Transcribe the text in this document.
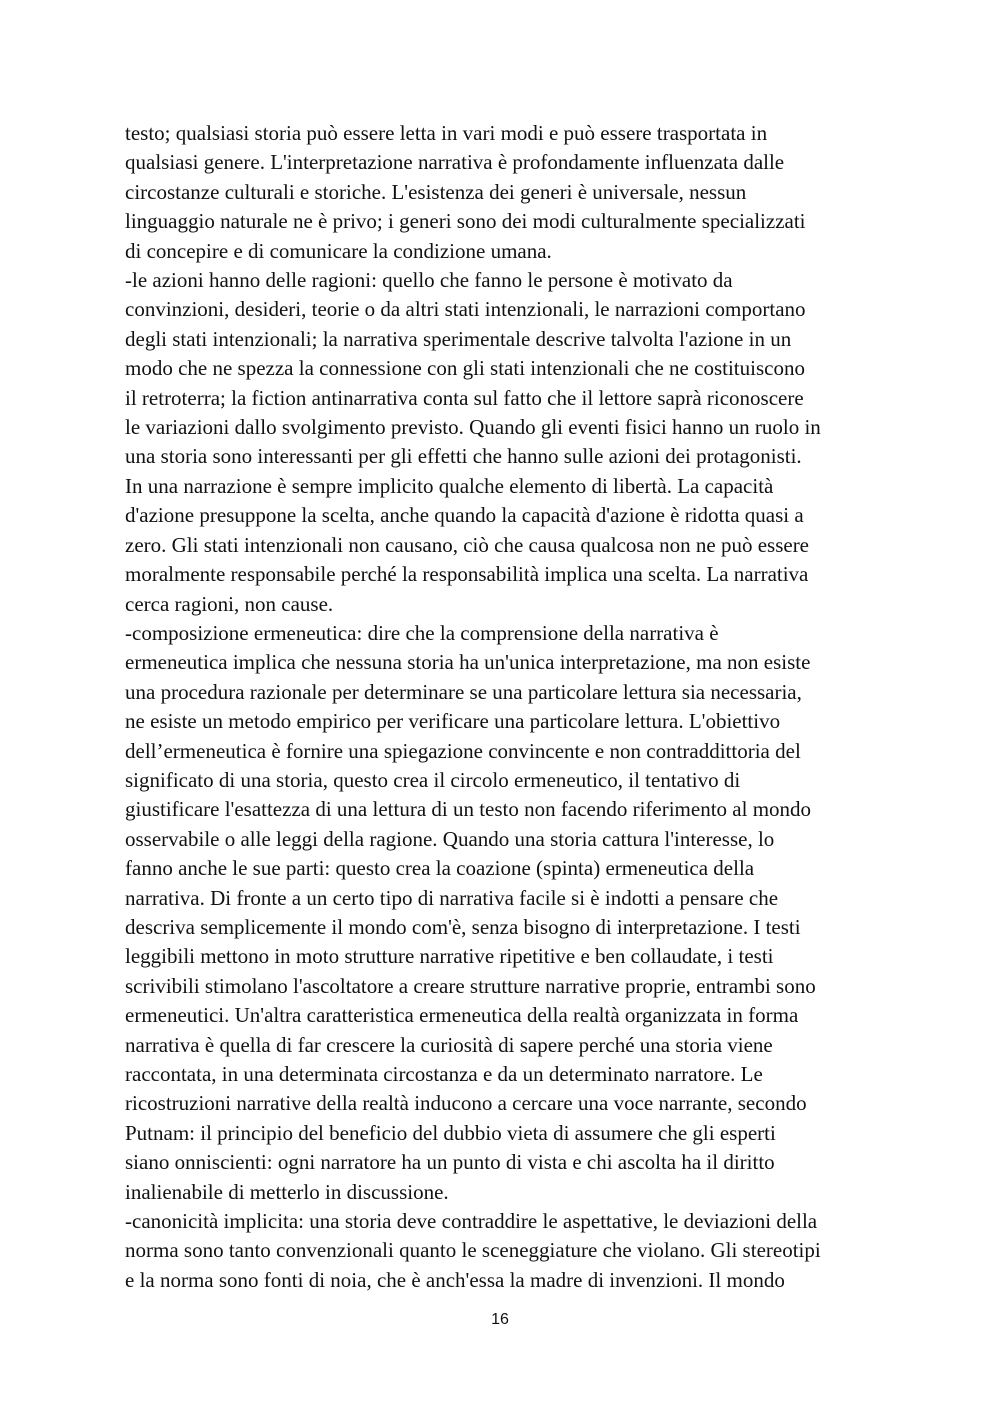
testo; qualsiasi storia può essere letta in vari modi e può essere trasportata in

qualsiasi genere. L'interpretazione narrativa è profondamente influenzata dalle

circostanze culturali e storiche. L'esistenza dei generi è universale, nessun

linguaggio naturale ne è privo; i generi sono dei modi culturalmente specializzati

di concepire e di comunicare la condizione umana.

-le azioni hanno delle ragioni: quello che fanno le persone è motivato da

convinzioni, desideri, teorie o da altri stati intenzionali, le narrazioni comportano

degli stati intenzionali; la narrativa sperimentale descrive talvolta l'azione in un

modo che ne spezza la connessione con gli stati intenzionali che ne costituiscono

il retroterra; la fiction antinarrativa conta sul fatto che il lettore saprà riconoscere

le variazioni dallo svolgimento previsto. Quando gli eventi fisici hanno un ruolo in

una storia sono interessanti per gli effetti che hanno sulle azioni dei protagonisti.

In una narrazione è sempre implicito qualche elemento di libertà. La capacità

d'azione presuppone la scelta, anche quando la capacità d'azione è ridotta quasi a

zero. Gli stati intenzionali non causano, ciò che causa qualcosa non ne può essere

moralmente responsabile perché la responsabilità implica una scelta. La narrativa

cerca ragioni, non cause.

-composizione ermeneutica: dire che la comprensione della narrativa è

ermeneutica implica che nessuna storia ha un'unica interpretazione, ma non esiste

una procedura razionale per determinare se una particolare lettura sia necessaria,

ne esiste un metodo empirico per verificare una particolare lettura. L'obiettivo

dell’ermeneutica è fornire una spiegazione convincente e non contraddittoria del

significato di una storia, questo crea il circolo ermeneutico, il tentativo di

giustificare l'esattezza di una lettura di un testo non facendo riferimento al mondo

osservabile o alle leggi della ragione. Quando una storia cattura l'interesse, lo

fanno anche le sue parti: questo crea la coazione (spinta) ermeneutica della

narrativa. Di fronte a un certo tipo di narrativa facile si è indotti a pensare che

descriva semplicemente il mondo com'è, senza bisogno di interpretazione. I testi

leggibili mettono in moto strutture narrative ripetitive e ben collaudate, i testi

scrivibili stimolano l'ascoltatore a creare strutture narrative proprie, entrambi sono

ermeneutici. Un'altra caratteristica ermeneutica della realtà organizzata in forma

narrativa è quella di far crescere la curiosità di sapere perché una storia viene

raccontata, in una determinata circostanza e da un determinato narratore. Le

ricostruzioni narrative della realtà inducono a cercare una voce narrante, secondo

Putnam: il principio del beneficio del dubbio vieta di assumere che gli esperti

siano onniscienti: ogni narratore ha un punto di vista e chi ascolta ha il diritto

inalienabile di metterlo in discussione.

-canonicità implicita: una storia deve contraddire le aspettative, le deviazioni della

norma sono tanto convenzionali quanto le sceneggiature che violano. Gli stereotipi

e la norma sono fonti di noia, che è anch'essa la madre di invenzioni. Il mondo

16
